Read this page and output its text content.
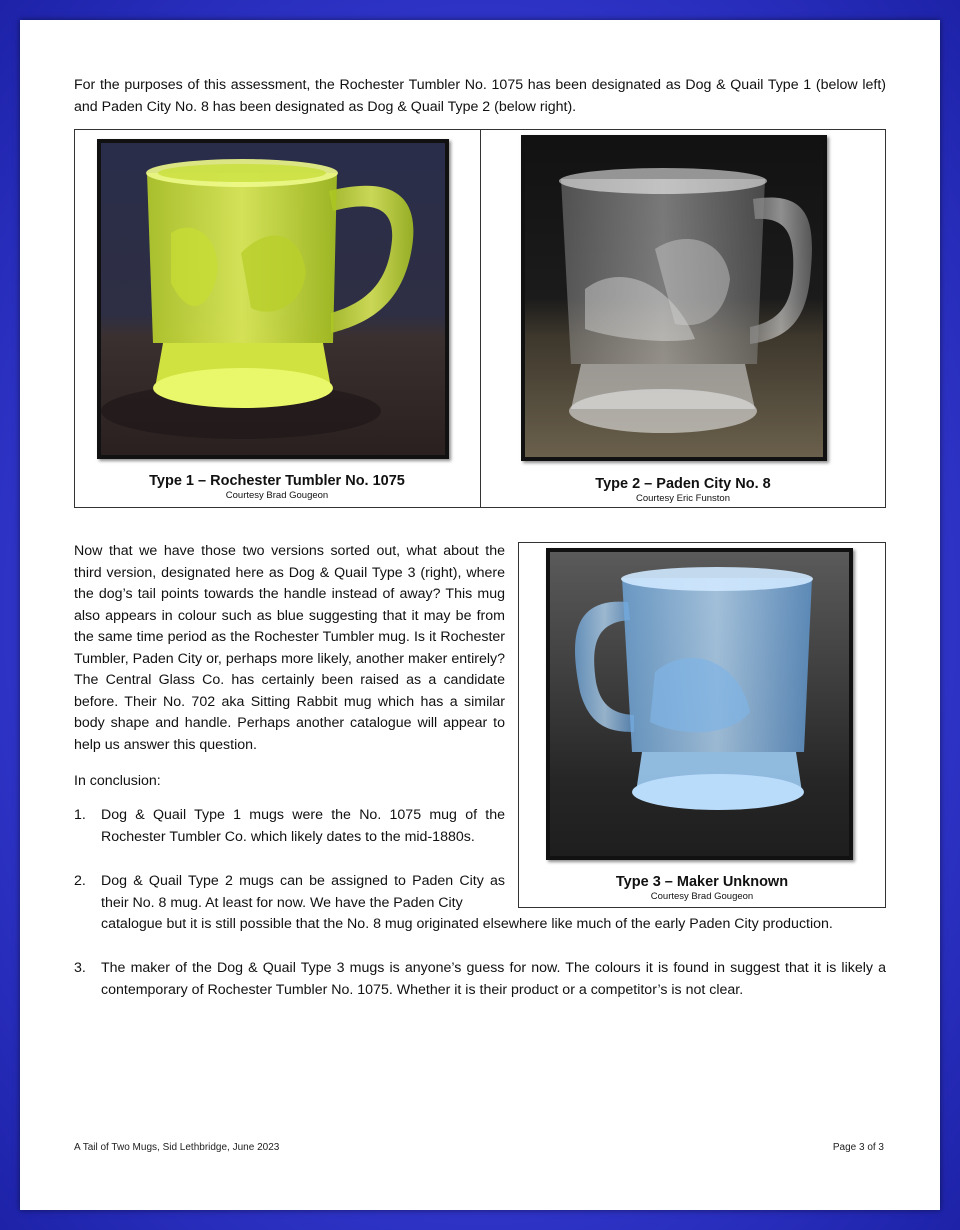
For the purposes of this assessment, the Rochester Tumbler No. 1075 has been designated as Dog & Quail Type 1 (below left) and Paden City No. 8 has been designated as Dog & Quail Type 2 (below right).
Type 1 – Rochester Tumbler No. 1075
Courtesy Brad Gougeon
Type 2 – Paden City No. 8
Courtesy Eric Funston
Now that we have those two versions sorted out, what about the third version, designated here as Dog & Quail Type 3 (right), where the dog’s tail points towards the handle instead of away? This mug also appears in colour such as blue suggesting that it may be from the same time period as the Rochester Tumbler mug. Is it Rochester Tumbler, Paden City or, perhaps more likely, another maker entirely? The Central Glass Co. has certainly been raised as a candidate before. Their No. 702 aka Sitting Rabbit mug which has a similar body shape and handle. Perhaps another catalogue will appear to help us answer this question.
Type 3 – Maker Unknown
Courtesy Brad Gougeon
In conclusion:
1. Dog & Quail Type 1 mugs were the No. 1075 mug of the Rochester Tumbler Co. which likely dates to the mid-1880s.
2. Dog & Quail Type 2 mugs can be assigned to Paden City as their No. 8 mug. At least for now. We have the Paden City
catalogue but it is still possible that the No. 8 mug originated elsewhere like much of the early Paden City production.
3. The maker of the Dog & Quail Type 3 mugs is anyone’s guess for now. The colours it is found in suggest that it is likely a contemporary of Rochester Tumbler No. 1075. Whether it is their product or a competitor’s is not clear.
A Tail of Two Mugs, Sid Lethbridge, June 2023	Page 3 of 3
